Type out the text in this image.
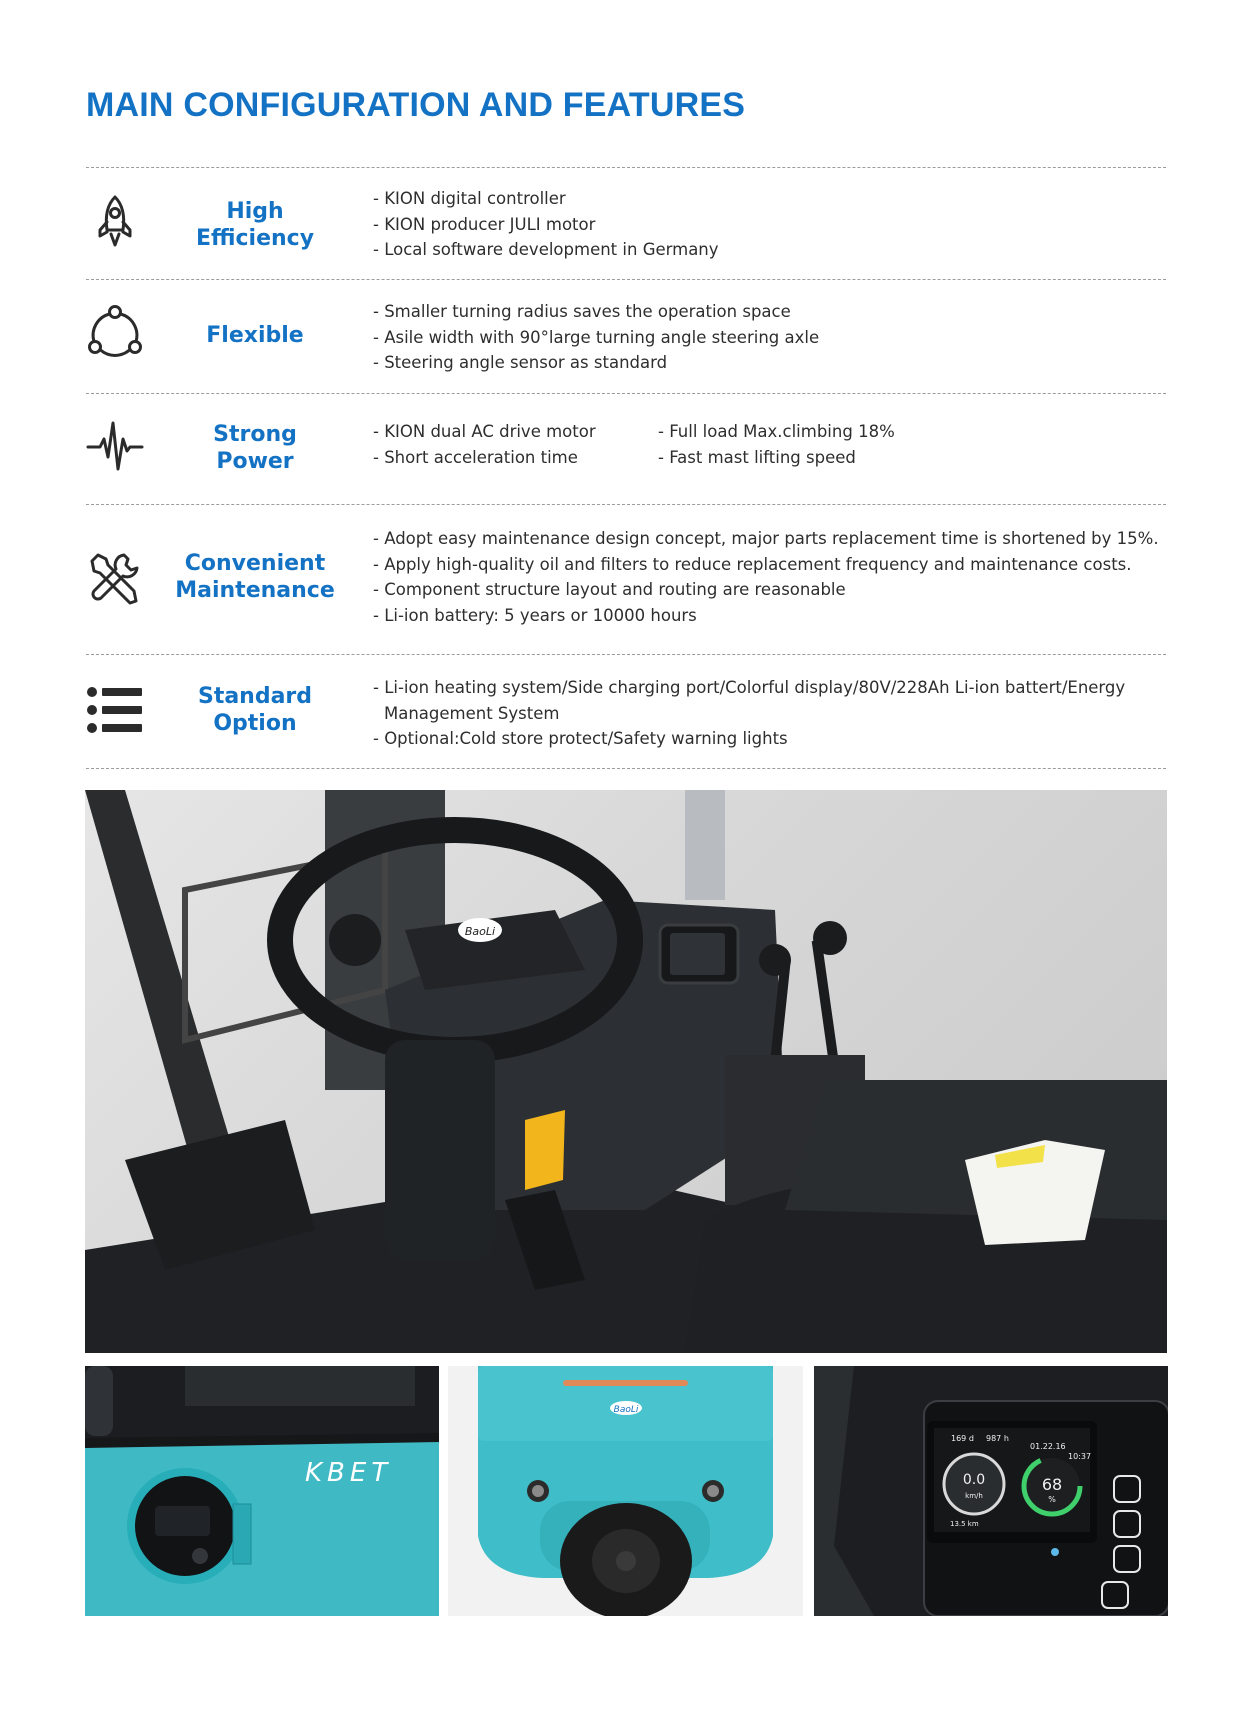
MAIN CONFIGURATION AND FEATURES
High
Efficiency
- KION digital controller
- KION producer JULI motor
- Local software development in Germany
Flexible
- Smaller turning radius saves the operation space
- Asile width with 90°large turning angle steering axle
- Steering angle sensor as standard
Strong
Power
- KION dual AC drive motor
- Short acceleration time
- Full load Max.climbing 18%
- Fast mast lifting speed
Convenient
Maintenance
- Adopt easy maintenance design concept, major parts replacement time is shortened by 15%.
- Apply high-quality oil and filters to reduce replacement frequency and maintenance costs.
- Component structure layout and routing are reasonable
- Li-ion battery: 5 years or 10000 hours
Standard
Option
- Li-ion heating system/Side charging port/Colorful display/80V/228Ah Li-ion battert/Energy Management System
- Optional:Cold store protect/Safety warning lights
BaoLi
KBET
BaoLi
169 d 987 h
01.22.16
10:37
0.0
km/h
68
%
13.5 km
